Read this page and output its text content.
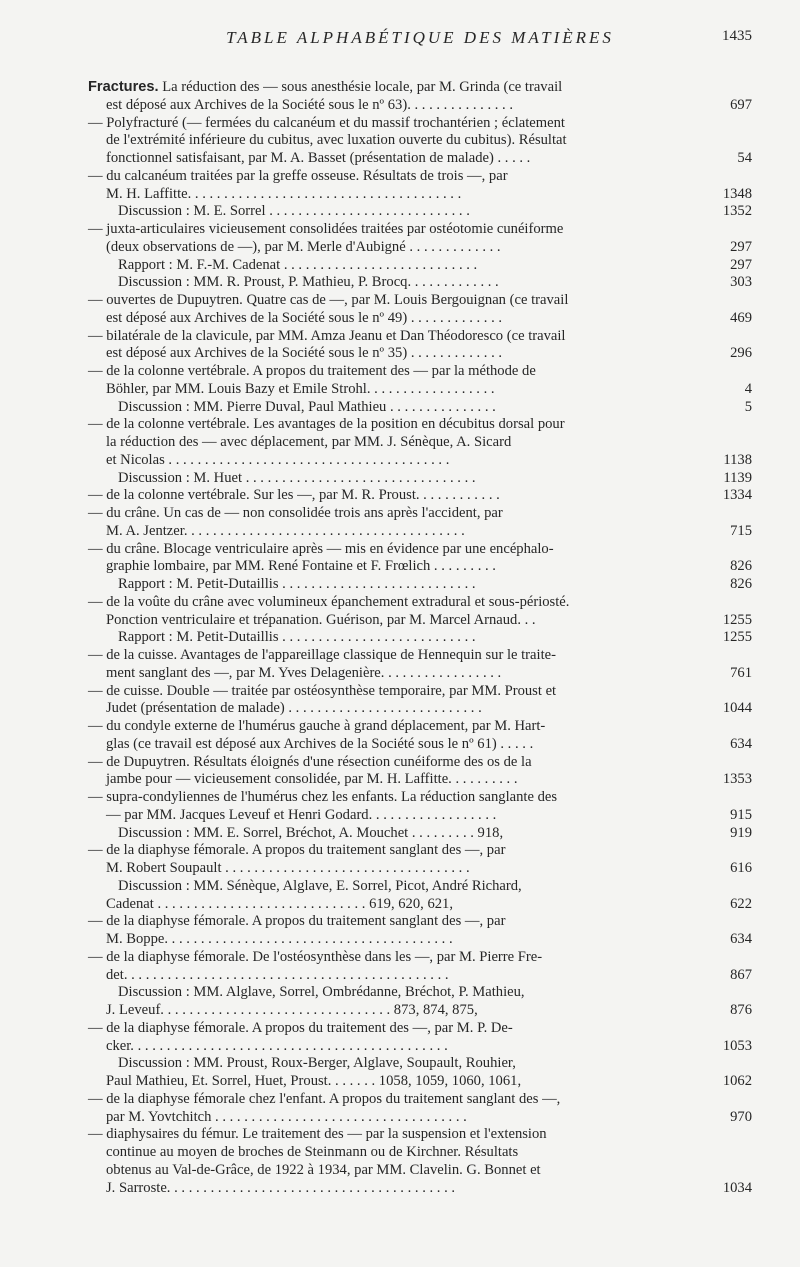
TABLE ALPHABÉTIQUE DES MATIÈRES	1435
Fractures. La réduction des — sous anesthésie locale, par M. Grinda (ce travail
est déposé aux Archives de la Société sous le nº 63). . . . . . . . . . . . . . .	697
— Polyfracturé (— fermées du calcanéum et du massif trochantérien ; éclatement
de l'extrémité inférieure du cubitus, avec luxation ouverte du cubitus). Résultat
fonctionnel satisfaisant, par M. A. Basset (présentation de malade) . . . . .	54
— du calcanéum traitées par la greffe osseuse. Résultats de trois —, par
M. H. Laffitte. . . . . . . . . . . . . . . . . . . . . . . . . . . . . . . . . . . . . .	1348
Discussion : M. E. Sorrel . . . . . . . . . . . . . . . . . . . . . . . . . . . .	1352
— juxta-articulaires vicieusement consolidées traitées par ostéotomie cunéiforme
(deux observations de —), par M. Merle d'Aubigné . . . . . . . . . . . . .	297
Rapport : M. F.-M. Cadenat . . . . . . . . . . . . . . . . . . . . . . . . . . .	297
Discussion : MM. R. Proust, P. Mathieu, P. Brocq. . . . . . . . . . . . .	303
— ouvertes de Dupuytren. Quatre cas de —, par M. Louis Bergouignan (ce travail
est déposé aux Archives de la Société sous le nº 49) . . . . . . . . . . . . .	469
— bilatérale de la clavicule, par MM. Amza Jeanu et Dan Théodoresco (ce travail
est déposé aux Archives de la Société sous le nº 35) . . . . . . . . . . . . .	296
— de la colonne vertébrale. A propos du traitement des — par la méthode de
Böhler, par MM. Louis Bazy et Emile Strohl. . . . . . . . . . . . . . . . . .	4
Discussion : MM. Pierre Duval, Paul Mathieu . . . . . . . . . . . . . . .	5
— de la colonne vertébrale. Les avantages de la position en décubitus dorsal pour
la réduction des — avec déplacement, par MM. J. Sénèque, A. Sicard
et Nicolas . . . . . . . . . . . . . . . . . . . . . . . . . . . . . . . . . . . . . . .	1138
Discussion : M. Huet . . . . . . . . . . . . . . . . . . . . . . . . . . . . . . . .	1139
— de la colonne vertébrale. Sur les —, par M. R. Proust. . . . . . . . . . . .	1334
— du crâne. Un cas de — non consolidée trois ans après l'accident, par
M. A. Jentzer. . . . . . . . . . . . . . . . . . . . . . . . . . . . . . . . . . . . . . .	715
— du crâne. Blocage ventriculaire après — mis en évidence par une encéphalo-
graphie lombaire, par MM. René Fontaine et F. Frœlich . . . . . . . . .	826
Rapport : M. Petit-Dutaillis . . . . . . . . . . . . . . . . . . . . . . . . . . .	826
— de la voûte du crâne avec volumineux épanchement extradural et sous-périosté.
Ponction ventriculaire et trépanation. Guérison, par M. Marcel Arnaud. . .	1255
Rapport : M. Petit-Dutaillis . . . . . . . . . . . . . . . . . . . . . . . . . . .	1255
— de la cuisse. Avantages de l'appareillage classique de Hennequin sur le traite-
ment sanglant des —, par M. Yves Delagenière. . . . . . . . . . . . . . . . .	761
— de cuisse. Double — traitée par ostéosynthèse temporaire, par MM. Proust et
Judet (présentation de malade) . . . . . . . . . . . . . . . . . . . . . . . . . . .	1044
— du condyle externe de l'humérus gauche à grand déplacement, par M. Hart-
glas (ce travail est déposé aux Archives de la Société sous le nº 61) . . . . .	634
— de Dupuytren. Résultats éloignés d'une résection cunéiforme des os de la
jambe pour — vicieusement consolidée, par M. H. Laffitte. . . . . . . . . .	1353
— supra-condyliennes de l'humérus chez les enfants. La réduction sanglante des
— par MM. Jacques Leveuf et Henri Godard. . . . . . . . . . . . . . . . . .	915
Discussion : MM. E. Sorrel, Bréchot, A. Mouchet . . . . . . . . . 918,	919
— de la diaphyse fémorale. A propos du traitement sanglant des —, par
M. Robert Soupault . . . . . . . . . . . . . . . . . . . . . . . . . . . . . . . . . .	616
Discussion : MM. Sénèque, Alglave, E. Sorrel, Picot, André Richard,
Cadenat . . . . . . . . . . . . . . . . . . . . . . . . . . . . . 619, 620, 621,	622
— de la diaphyse fémorale. A propos du traitement sanglant des —, par
M. Boppe. . . . . . . . . . . . . . . . . . . . . . . . . . . . . . . . . . . . . . . .	634
— de la diaphyse fémorale. De l'ostéosynthèse dans les —, par M. Pierre Fre-
det. . . . . . . . . . . . . . . . . . . . . . . . . . . . . . . . . . . . . . . . . . . . .	867
Discussion : MM. Alglave, Sorrel, Ombrédanne, Bréchot, P. Mathieu,
J. Leveuf. . . . . . . . . . . . . . . . . . . . . . . . . . . . . . . . 873, 874, 875,	876
— de la diaphyse fémorale. A propos du traitement des —, par M. P. De-
cker. . . . . . . . . . . . . . . . . . . . . . . . . . . . . . . . . . . . . . . . . . . .	1053
Discussion : MM. Proust, Roux-Berger, Alglave, Soupault, Rouhier,
Paul Mathieu, Et. Sorrel, Huet, Proust. . . . . . . 1058, 1059, 1060, 1061,	1062
— de la diaphyse fémorale chez l'enfant. A propos du traitement sanglant des —,
par M. Yovtchitch . . . . . . . . . . . . . . . . . . . . . . . . . . . . . . . . . . .	970
— diaphysaires du fémur. Le traitement des — par la suspension et l'extension
continue au moyen de broches de Steinmann ou de Kirchner. Résultats
obtenus au Val-de-Grâce, de 1922 à 1934, par MM. Clavelin. G. Bonnet et
J. Sarroste. . . . . . . . . . . . . . . . . . . . . . . . . . . . . . . . . . . . . . . .	1034
